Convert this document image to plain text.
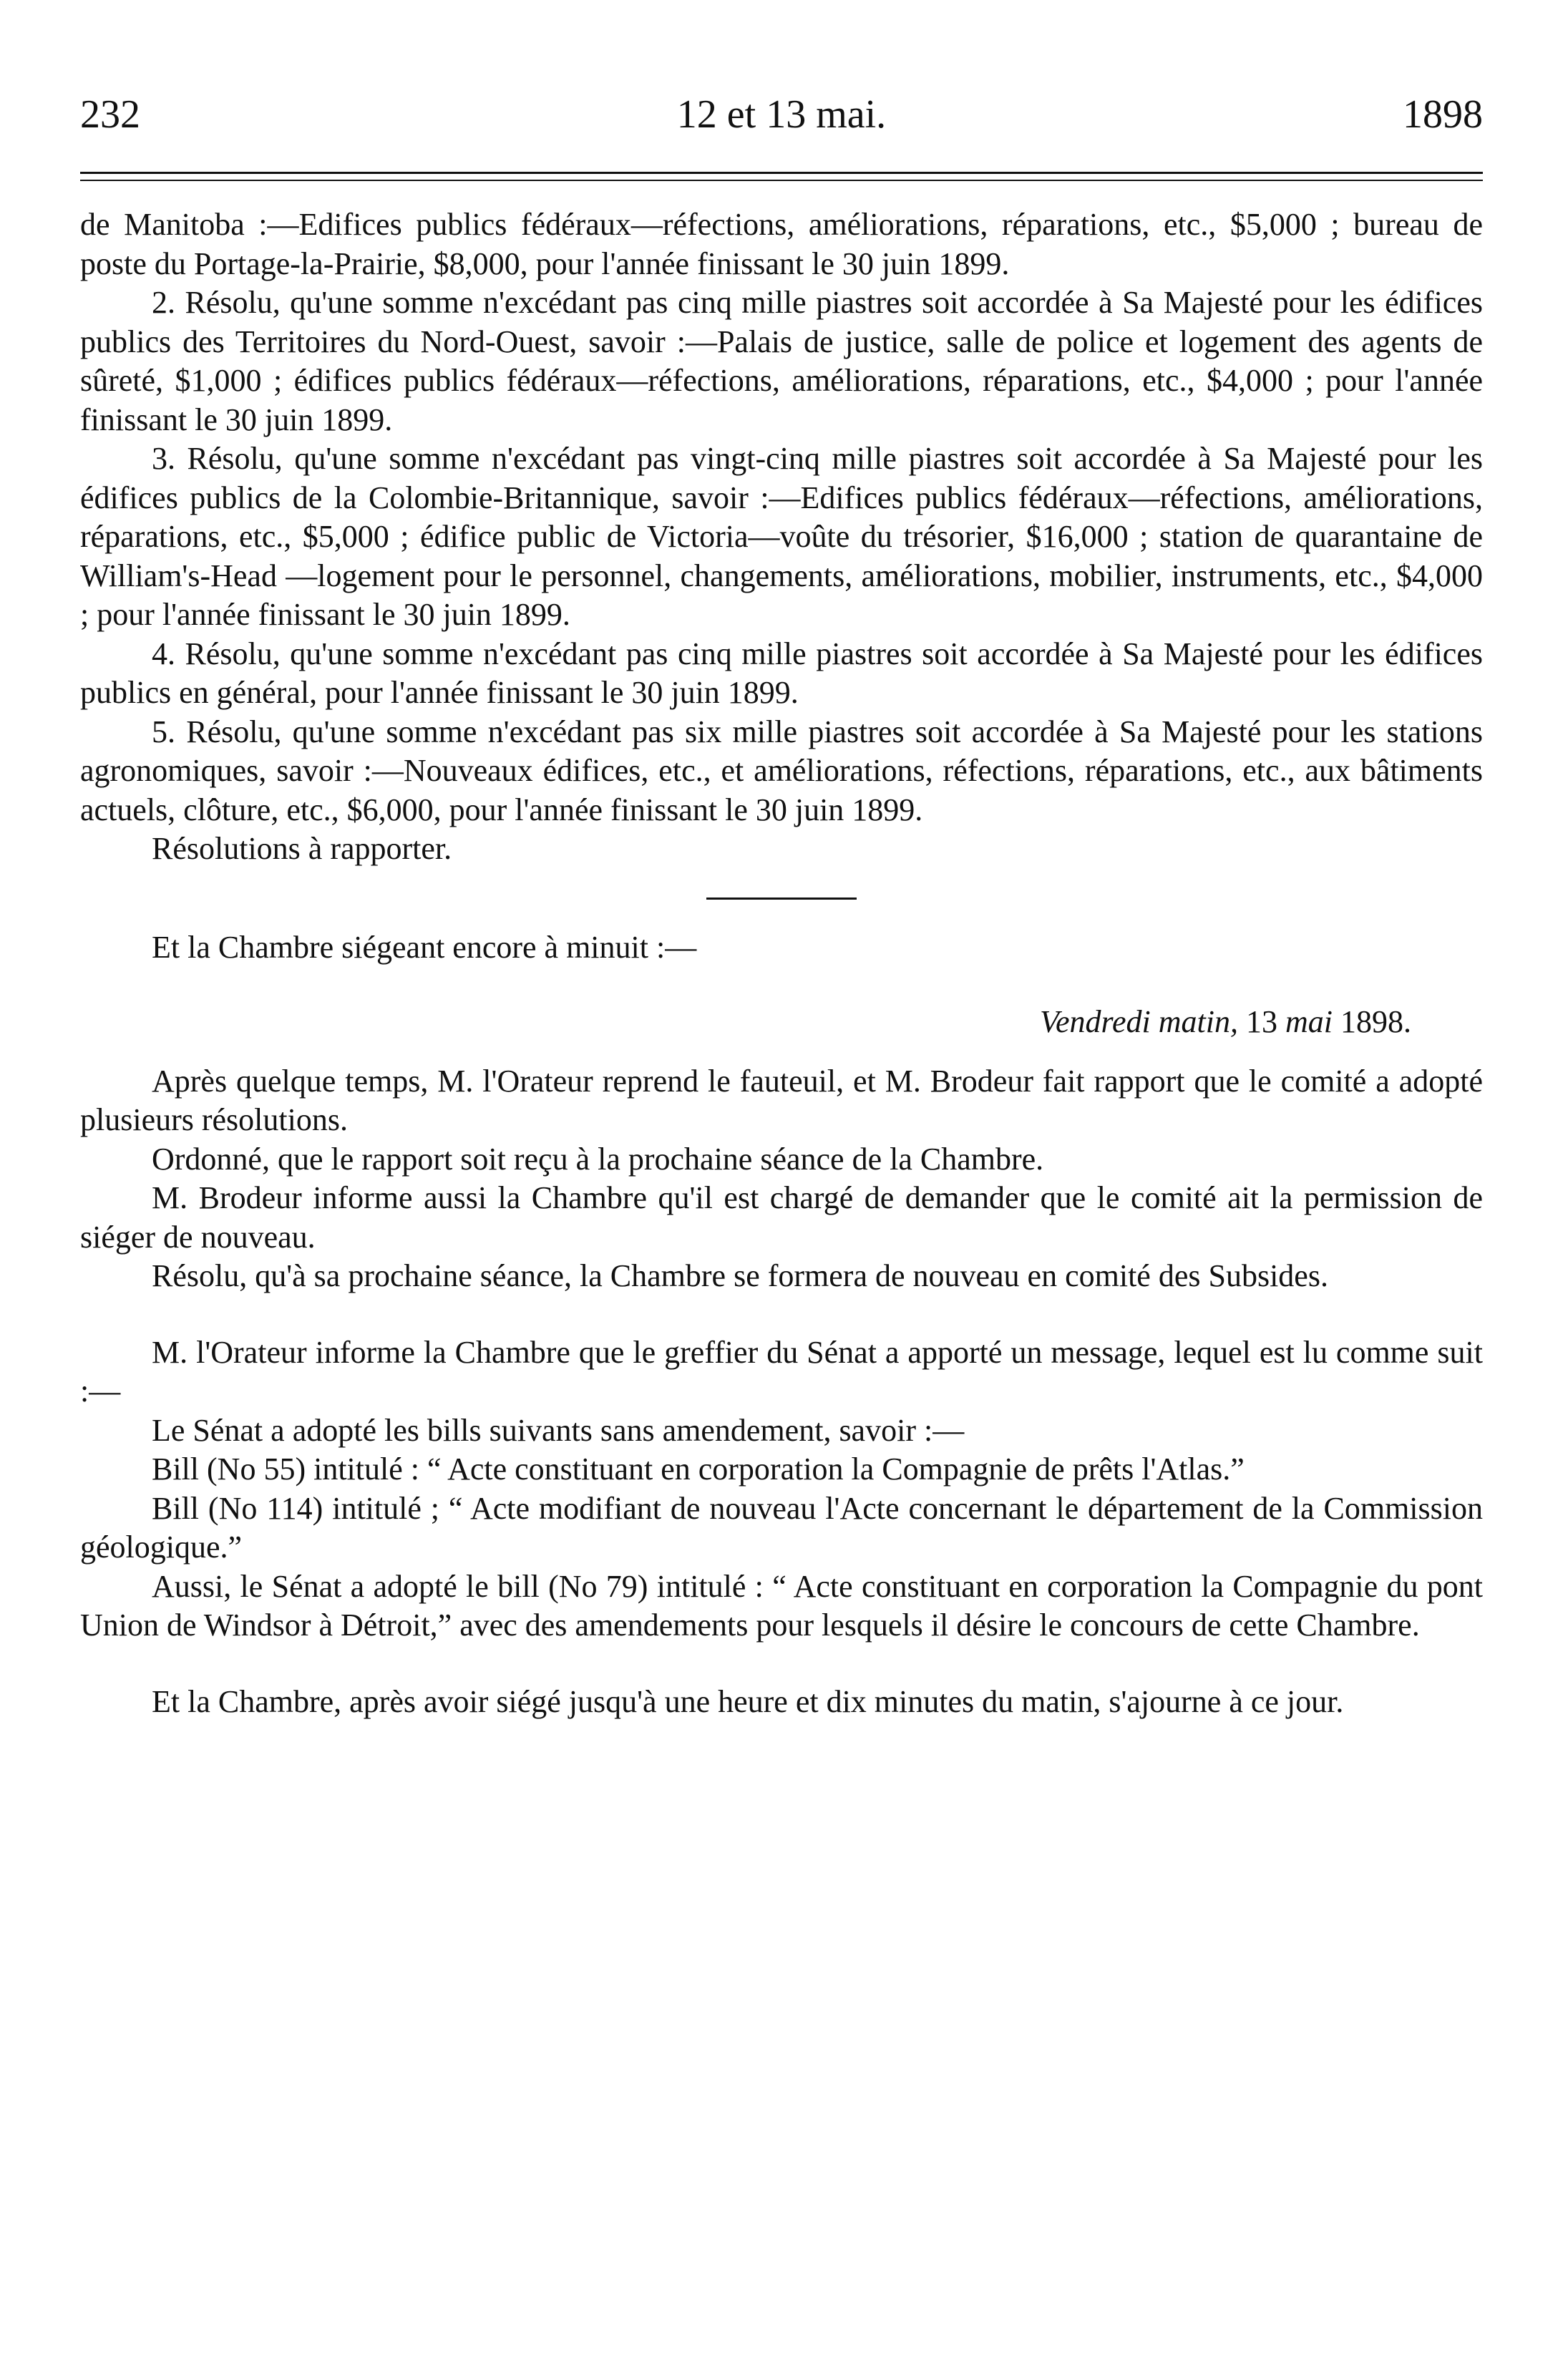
232	12 et 13 mai.	1898

de Manitoba :—Edifices publics fédéraux—réfections, améliorations, réparations, etc., $5,000 ; bureau de poste du Portage-la-Prairie, $8,000, pour l'année finissant le 30 juin 1899.

2. Résolu, qu'une somme n'excédant pas cinq mille piastres soit accordée à Sa Majesté pour les édifices publics des Territoires du Nord-Ouest, savoir :—Palais de justice, salle de police et logement des agents de sûreté, $1,000 ; édifices publics fédéraux—réfections, améliorations, réparations, etc., $4,000 ; pour l'année finissant le 30 juin 1899.

3. Résolu, qu'une somme n'excédant pas vingt-cinq mille piastres soit accordée à Sa Majesté pour les édifices publics de la Colombie-Britannique, savoir :—Edifices publics fédéraux—réfections, améliorations, réparations, etc., $5,000 ; édifice public de Victoria—voûte du trésorier, $16,000 ; station de quarantaine de William's-Head —logement pour le personnel, changements, améliorations, mobilier, instruments, etc., $4,000 ; pour l'année finissant le 30 juin 1899.

4. Résolu, qu'une somme n'excédant pas cinq mille piastres soit accordée à Sa Majesté pour les édifices publics en général, pour l'année finissant le 30 juin 1899.

5. Résolu, qu'une somme n'excédant pas six mille piastres soit accordée à Sa Majesté pour les stations agronomiques, savoir :—Nouveaux édifices, etc., et améliorations, réfections, réparations, etc., aux bâtiments actuels, clôture, etc., $6,000, pour l'année finissant le 30 juin 1899.

Résolutions à rapporter.

Et la Chambre siégeant encore à minuit :—

Vendredi matin, 13 mai 1898.

Après quelque temps, M. l'Orateur reprend le fauteuil, et M. Brodeur fait rapport que le comité a adopté plusieurs résolutions.

Ordonné, que le rapport soit reçu à la prochaine séance de la Chambre.

M. Brodeur informe aussi la Chambre qu'il est chargé de demander que le comité ait la permission de siéger de nouveau.

Résolu, qu'à sa prochaine séance, la Chambre se formera de nouveau en comité des Subsides.

M. l'Orateur informe la Chambre que le greffier du Sénat a apporté un message, lequel est lu comme suit :—

Le Sénat a adopté les bills suivants sans amendement, savoir :—

Bill (No 55) intitulé : “ Acte constituant en corporation la Compagnie de prêts l'Atlas.”

Bill (No 114) intitulé ; “ Acte modifiant de nouveau l'Acte concernant le département de la Commission géologique.”

Aussi, le Sénat a adopté le bill (No 79) intitulé : “ Acte constituant en corporation la Compagnie du pont Union de Windsor à Détroit,” avec des amendements pour lesquels il désire le concours de cette Chambre.

Et la Chambre, après avoir siégé jusqu'à une heure et dix minutes du matin, s'ajourne à ce jour.
